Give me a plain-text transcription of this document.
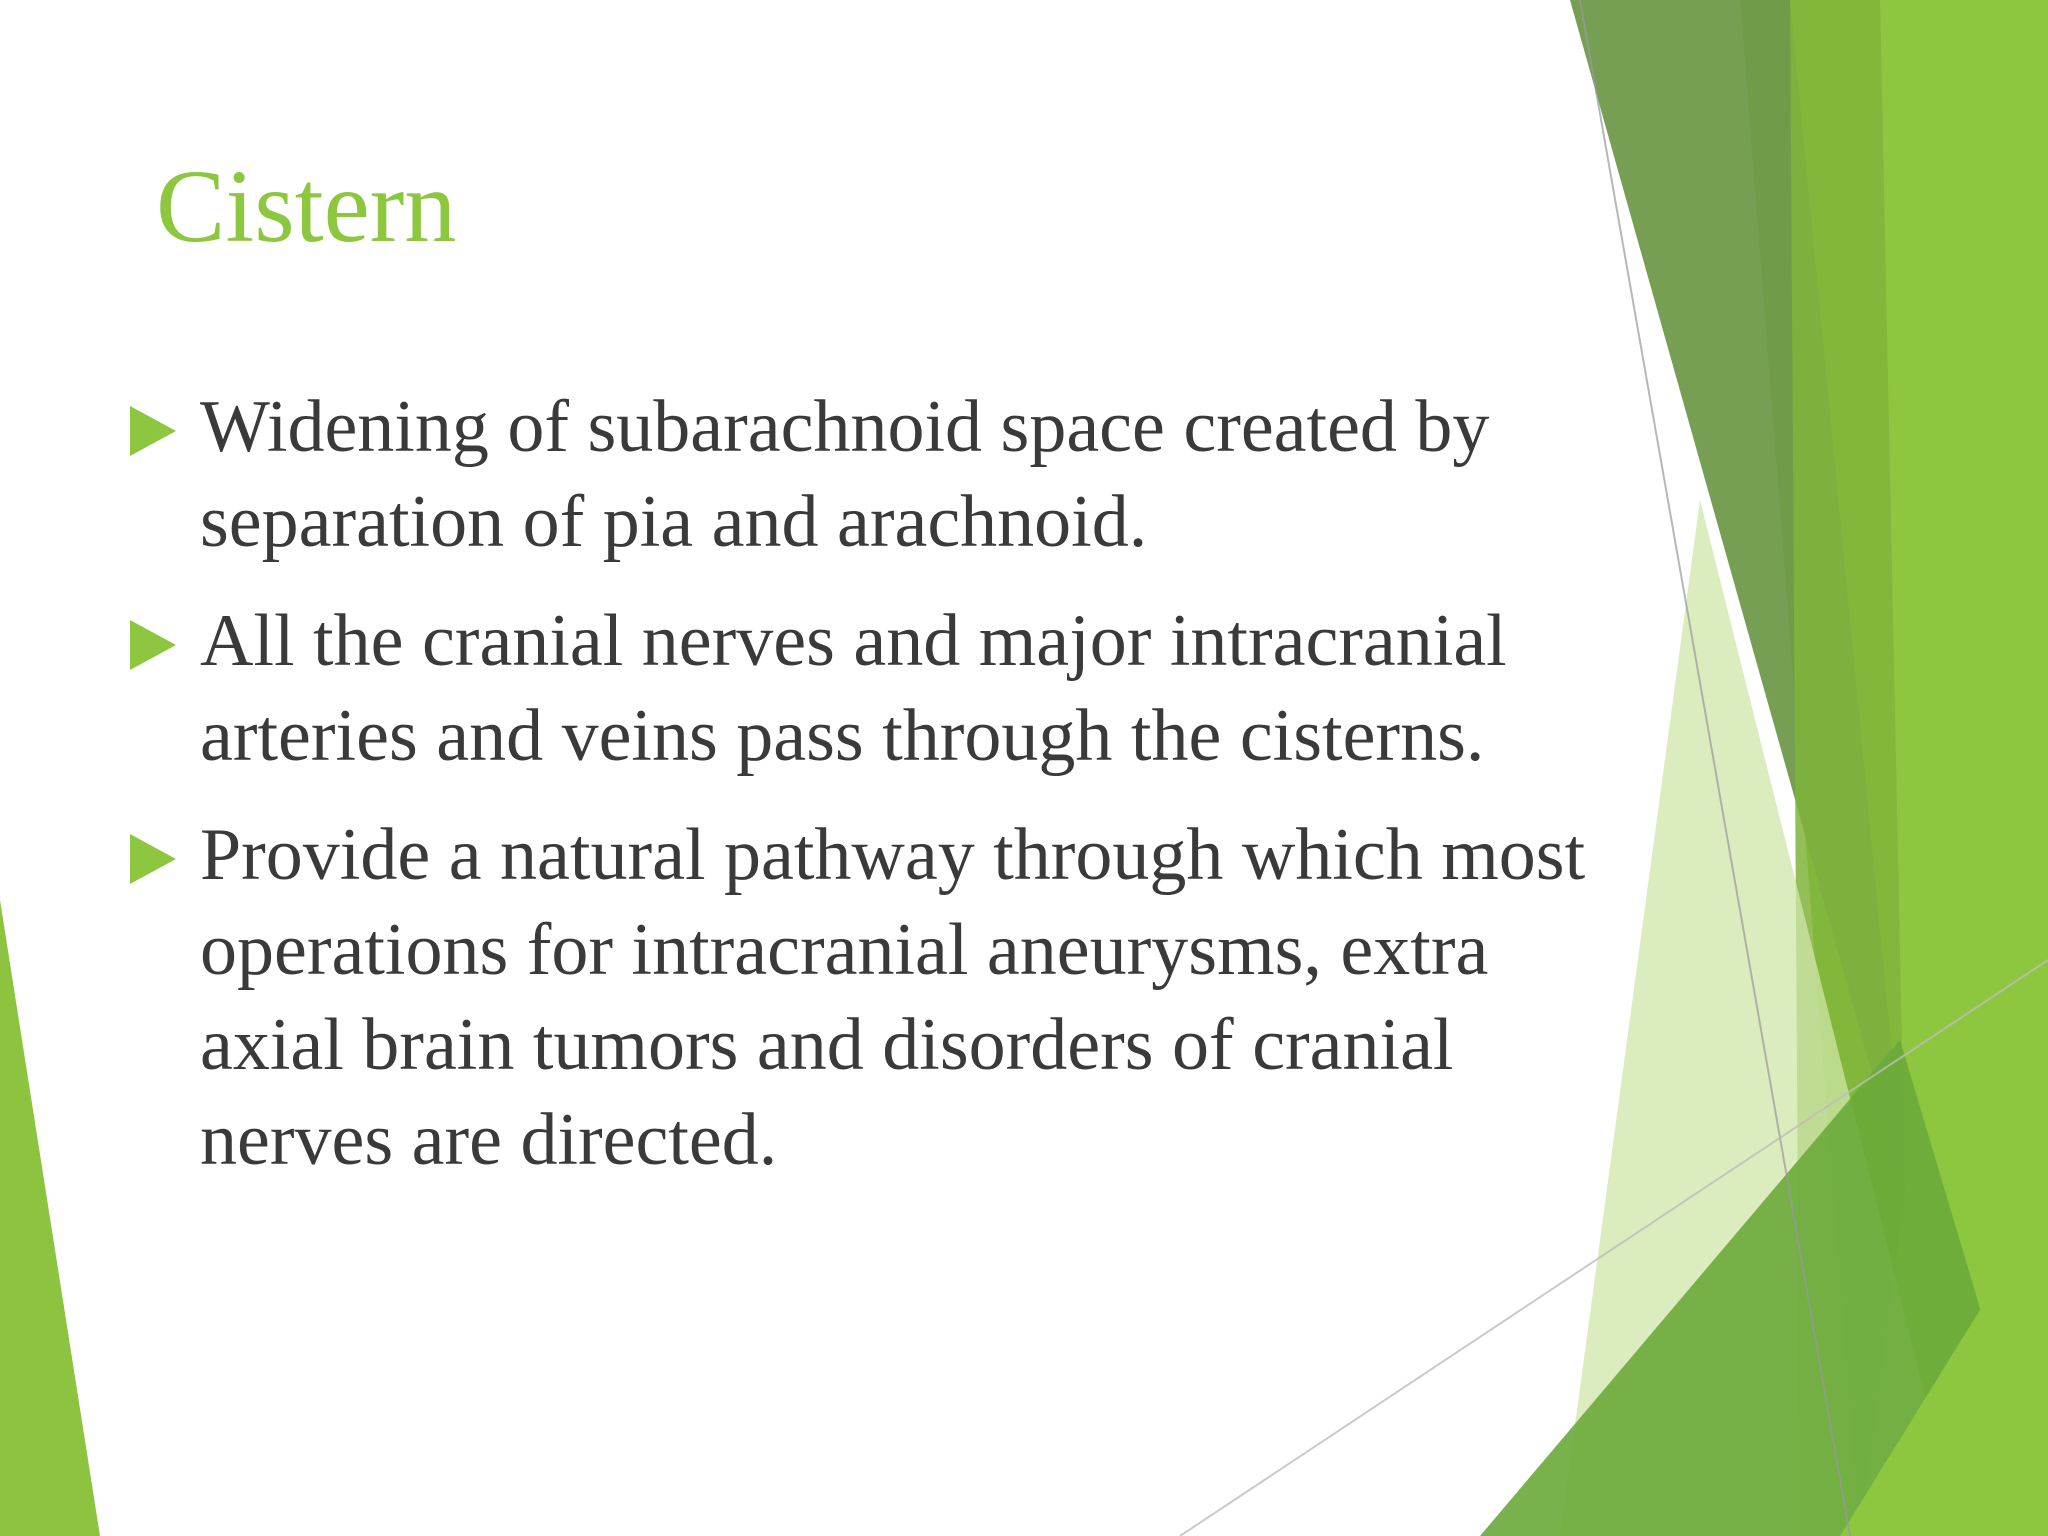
Cistern
Widening of subarachnoid space created by separation of pia and arachnoid.
All the cranial nerves and major intracranial arteries and veins pass through the cisterns.
Provide a natural pathway through which most operations for intracranial aneurysms, extra axial brain tumors and disorders of cranial nerves are directed.
